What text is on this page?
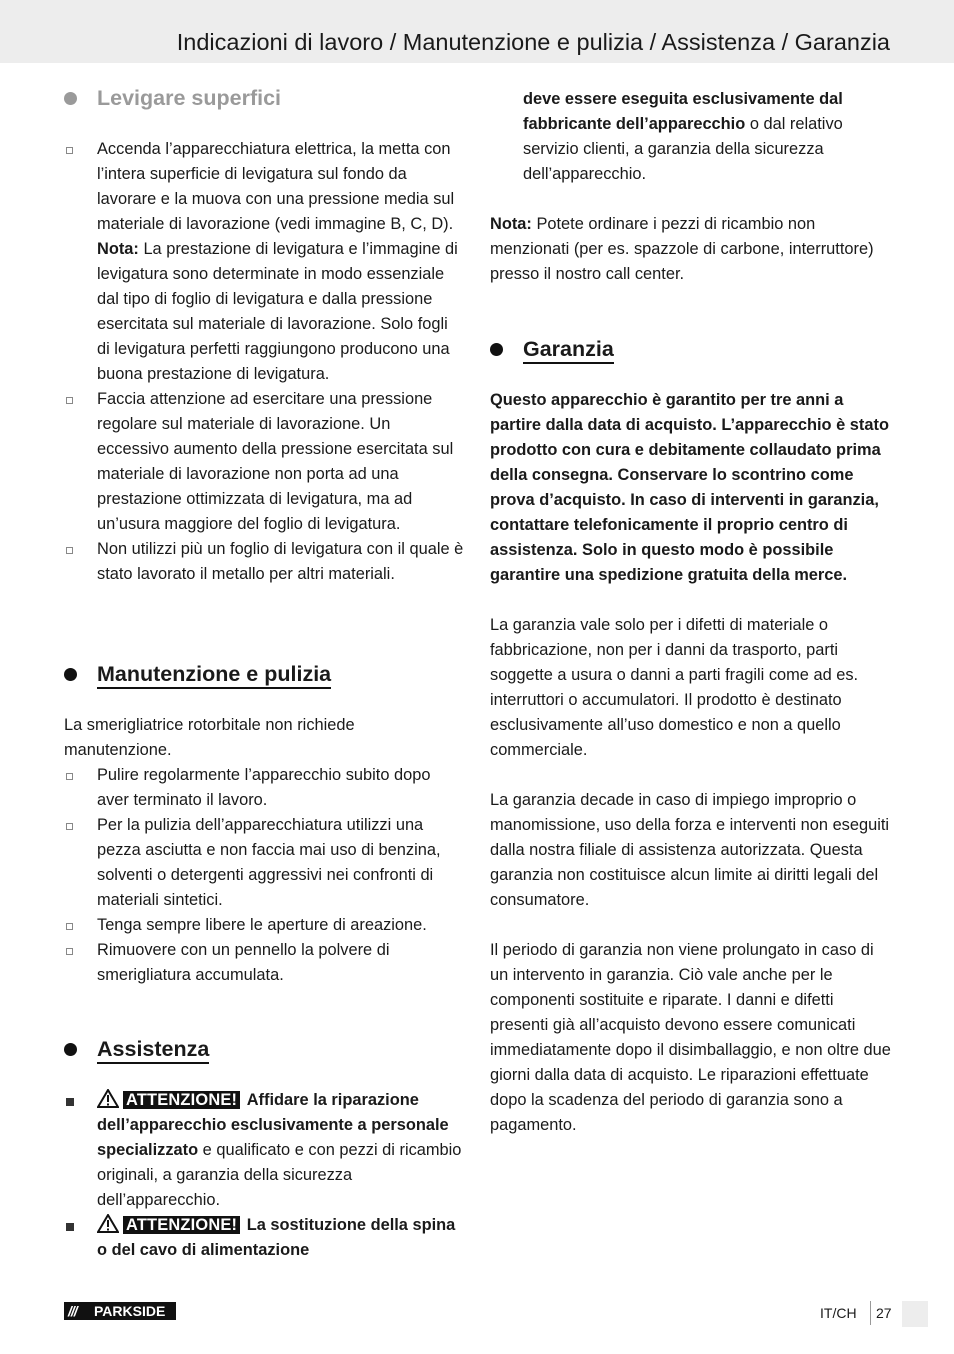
Indicazioni di lavoro / Manutenzione e pulizia / Assistenza / Garanzia
Levigare superfici

Accenda l’apparecchiatura elettrica, la metta con l’intera superficie di levigatura sul fondo da lavorare e la muova con una pressione media sul materiale di lavorazione (vedi immagine B, C, D).

Nota: La prestazione di levigatura e l’immagine di levigatura sono determinate in modo essenziale dal tipo di foglio di levigatura e dalla pressione esercitata sul materiale di lavorazione. Solo fogli di levigatura perfetti raggiungono producono una buona prestazione di levigatura.

Faccia attenzione ad esercitare una pressione regolare sul materiale di lavorazione. Un eccessivo aumento della pressione esercitata sul materiale di lavorazione non porta ad una prestazione ottimizzata di levigatura, ma ad un’usura maggiore del foglio di levigatura.

Non utilizzi più un foglio di levigatura con il quale è stato lavorato il metallo per altri materiali.

Manutenzione e pulizia

La smerigliatrice rotorbitale non richiede manutenzione.

Pulire regolarmente l’apparecchio subito dopo aver terminato il lavoro.

Per la pulizia dell’apparecchiatura utilizzi una pezza asciutta e non faccia mai uso di benzina, solventi o detergenti aggressivi nei confronti di materiali sintetici.

Tenga sempre libere le aperture di areazione.

Rimuovere con un pennello la polvere di smerigliatura accumulata.

Assistenza

ATTENZIONE! Affidare la riparazione dell’apparecchio esclusivamente a personale specializzato e qualificato e con pezzi di ricambio originali, a garanzia della sicurezza dell’apparecchio.

ATTENZIONE! La sostituzione della spina o del cavo di alimentazione

deve essere eseguita esclusivamente dal fabbricante dell’apparecchio o dal relativo servizio clienti, a garanzia della sicurezza dell’apparecchio.

Nota: Potete ordinare i pezzi di ricambio non menzionati (per es. spazzole di carbone, interruttore) presso il nostro call center.

Garanzia

Questo apparecchio è garantito per tre anni a partire dalla data di acquisto. L’apparecchio è stato prodotto con cura e debitamente collaudato prima della consegna. Conservare lo scontrino come prova d’acquisto. In caso di interventi in garanzia, contattare telefonicamente il proprio centro di assistenza. Solo in questo modo è possibile garantire una spedizione gratuita della merce.

La garanzia vale solo per i difetti di materiale o fabbricazione, non per i danni da trasporto, parti soggette a usura o danni a parti fragili come ad es. interruttori o accumulatori. Il prodotto è destinato esclusivamente all’uso domestico e non a quello commerciale.

La garanzia decade in caso di impiego improprio o manomissione, uso della forza e interventi non eseguiti dalla nostra filiale di assistenza autorizzata. Questa garanzia non costituisce alcun limite ai diritti legali del consumatore.

Il periodo di garanzia non viene prolungato in caso di un intervento in garanzia. Ciò vale anche per le componenti sostituite e riparate. I danni e difetti presenti già all’acquisto devono essere comunicati immediatamente dopo il disimballaggio, e non oltre due giorni dalla data di acquisto. Le riparazioni effettuate dopo la scadenza del periodo di garanzia sono a pagamento.

/// PARKSIDE	IT/CH 27
